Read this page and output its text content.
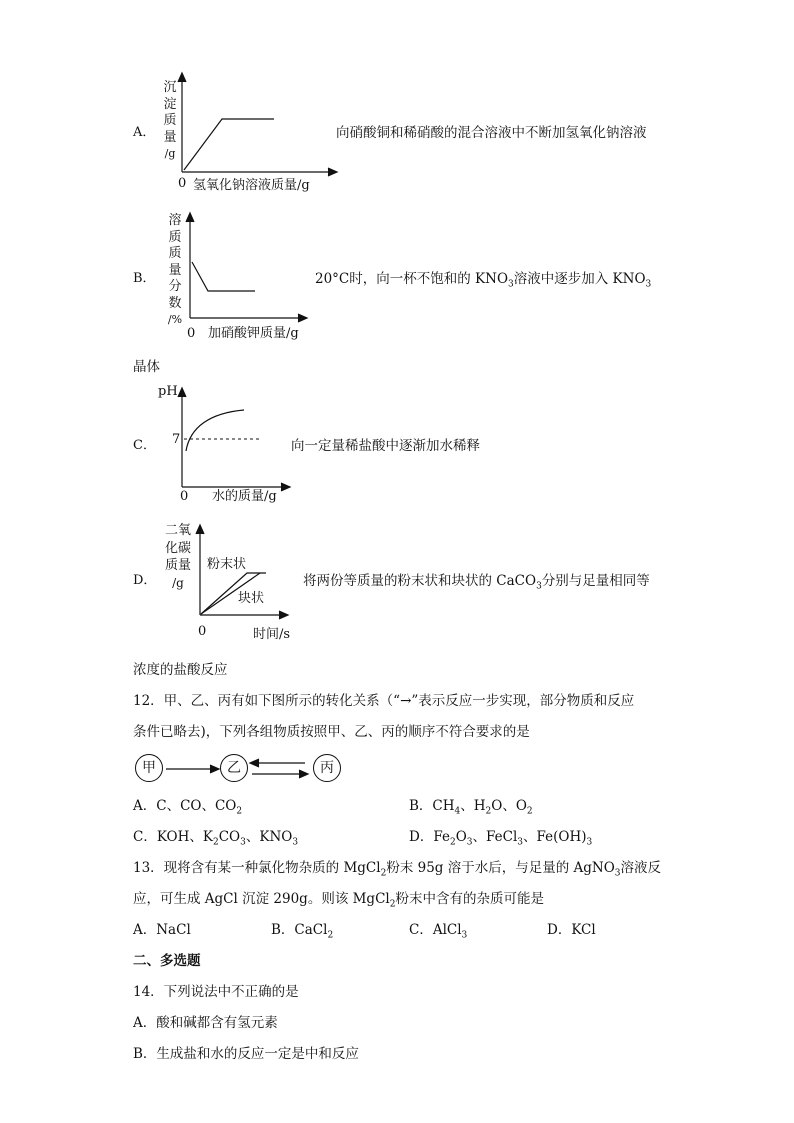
A．
沉
淀
质
量
/g
0 氢氧化钠溶液质量/g
向硝酸铜和稀硝酸的混合溶液中不断加氢氧化钠溶液
B．
溶
质
质
量
分
数
/%
0 加硝酸钾质量/g
20°C时，向一杯不饱和的 $KNO_3$溶液中逐步加入 $KNO_3$
晶体
C．
pH
7
0 水的质量/g
向一定量稀盐酸中逐渐加水稀释
D．
二氧
化碳
质量
/g
粉末状
块状
0	时间/s
将两份等质量的粉末状和块状的 CaCO$_3$分别与足量相同等
浓度的盐酸反应
12．甲、乙、丙有如下图所示的转化关系（“→”表示反应一步实现，部分物质和反应
条件已略去)，下列各组物质按照甲、乙、丙的顺序不符合要求的是
甲	乙	丙
A．C、CO、$CO_2$	B．$CH_4$、$H_2O$、$O_2$
C．KOH、$K_2CO_3$、$KNO_3$	D．$Fe_2O_3$、FeCl$_3$、$Fe(OH)_3$
13．现将含有某一种氯化物杂质的 MgCl$_2$粉末 95g 溶于水后，与足量的 AgNO$_3$溶液反
应，可生成 AgCl 沉淀 290g。则该 MgCl$_2$粉末中含有的杂质可能是
A．NaCl	B．CaCl$_2$	C．AlCl$_3$	D．KCl
二、多选题
14．下列说法中不正确的是
A．酸和碱都含有氢元素
B．生成盐和水的反应一定是中和反应
